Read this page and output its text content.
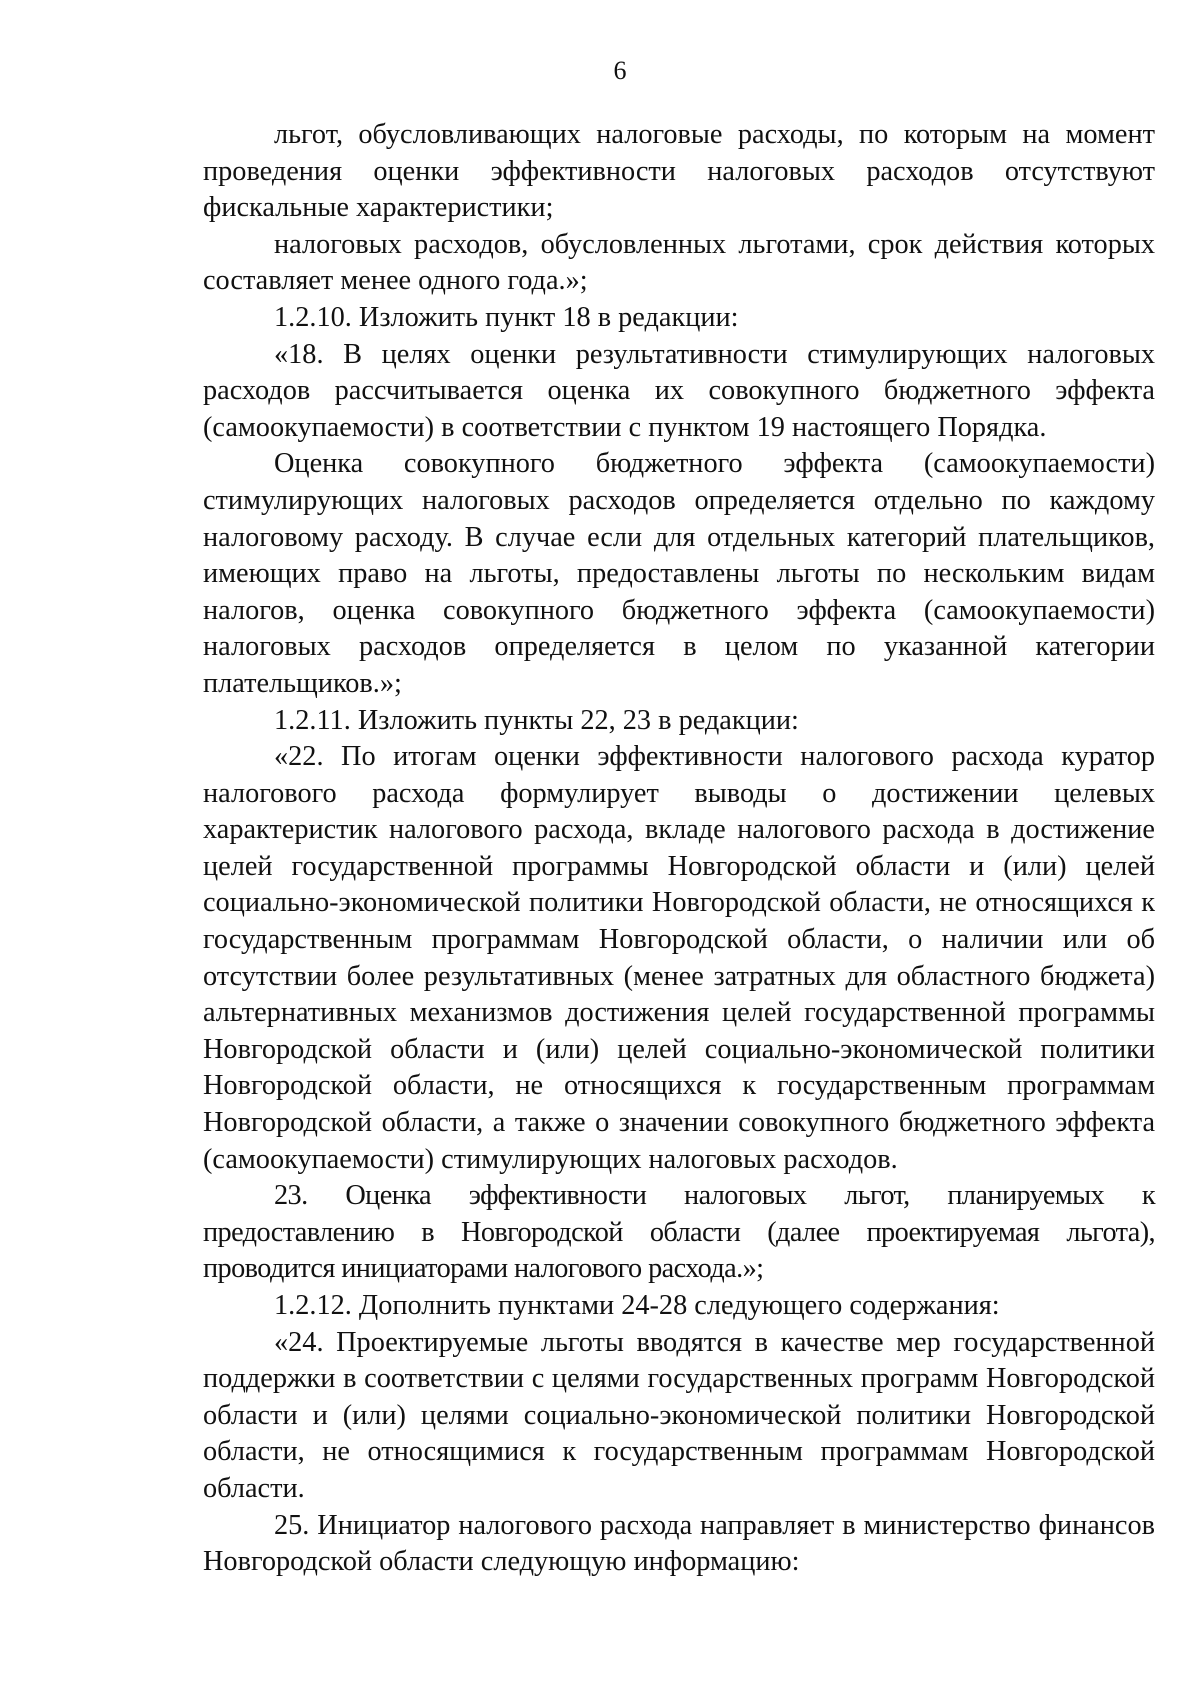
6

льгот, обусловливающих налоговые расходы, по которым на момент проведения оценки эффективности налоговых расходов отсутствуют фискальные характеристики;

налоговых расходов, обусловленных льготами, срок действия которых составляет менее одного года.»;

1.2.10. Изложить пункт 18 в редакции:

«18. В целях оценки результативности стимулирующих налоговых расходов рассчитывается оценка их совокупного бюджетного эффекта (самоокупаемости) в соответствии с пунктом 19 настоящего Порядка.

Оценка совокупного бюджетного эффекта (самоокупаемости) стимулирующих налоговых расходов определяется отдельно по каждому налоговому расходу. В случае если для отдельных категорий плательщиков, имеющих право на льготы, предоставлены льготы по нескольким видам налогов, оценка совокупного бюджетного эффекта (самоокупаемости) налоговых расходов определяется в целом по указанной категории плательщиков.»;

1.2.11. Изложить пункты 22, 23 в редакции:

«22. По итогам оценки эффективности налогового расхода куратор налогового расхода формулирует выводы о достижении целевых характеристик налогового расхода, вкладе налогового расхода в достижение целей государственной программы Новгородской области и (или) целей социально-экономической политики Новгородской области, не относящихся к государственным программам Новгородской области, о наличии или об отсутствии более результативных (менее затратных для областного бюджета) альтернативных механизмов достижения целей государственной программы Новгородской области и (или) целей социально-экономической политики Новгородской области, не относящихся к государственным программам Новгородской области, а также о значении совокупного бюджетного эффекта (самоокупаемости) стимулирующих налоговых расходов.

23. Оценка эффективности налоговых льгот, планируемых к предоставлению в Новгородской области (далее проектируемая льгота), проводится инициаторами налогового расхода.»;

1.2.12. Дополнить пунктами 24-28 следующего содержания:

«24. Проектируемые льготы вводятся в качестве мер государственной поддержки в соответствии с целями государственных программ Новгородской области и (или) целями социально-экономической политики Новгородской области, не относящимися к государственным программам Новгородской области.

25. Инициатор налогового расхода направляет в министерство финансов Новгородской области следующую информацию:
